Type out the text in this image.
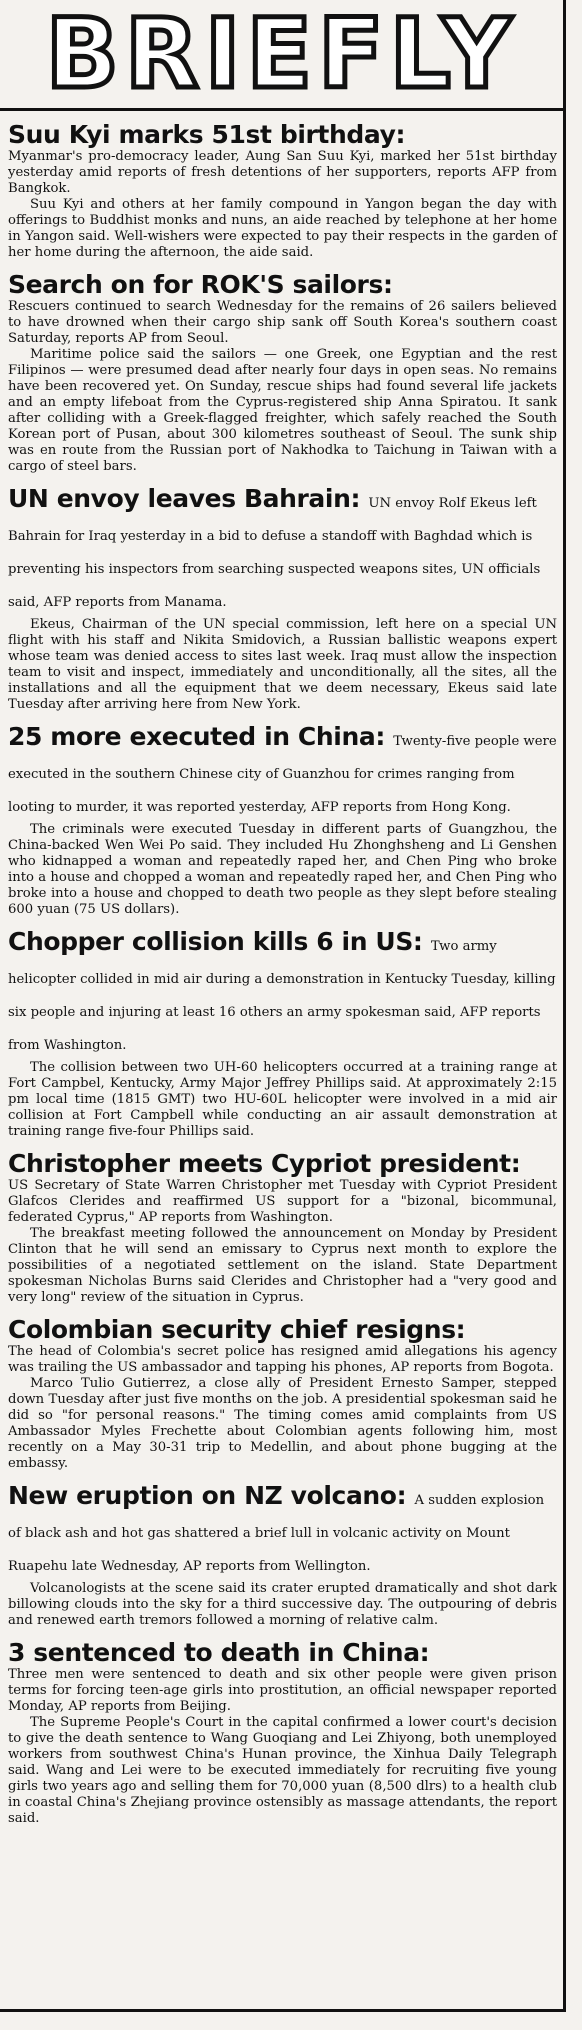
BRIEFLY

Suu Kyi marks 51st birthday:

Myanmar's pro-democracy leader, Aung San Suu Kyi, marked her 51st birthday yesterday amid reports of fresh detentions of her supporters, reports AFP from Bangkok.

Suu Kyi and others at her family compound in Yangon began the day with offerings to Buddhist monks and nuns, an aide reached by telephone at her home in Yangon said. Well-wishers were expected to pay their respects in the garden of her home during the afternoon, the aide said.

Search on for ROK'S sailors:

Rescuers continued to search Wednesday for the remains of 26 sailers believed to have drowned when their cargo ship sank off South Korea's southern coast Saturday, reports AP from Seoul.

Maritime police said the sailors — one Greek, one Egyptian and the rest Filipinos — were presumed dead after nearly four days in open seas. No remains have been recovered yet. On Sunday, rescue ships had found several life jackets and an empty lifeboat from the Cyprus-registered ship Anna Spiratou. It sank after colliding with a Greek-flagged freighter, which safely reached the South Korean port of Pusan, about 300 kilometres southeast of Seoul. The sunk ship was en route from the Russian port of Nakhodka to Taichung in Taiwan with a cargo of steel bars.

UN envoy leaves Bahrain: UN envoy Rolf Ekeus left Bahrain for Iraq yesterday in a bid to defuse a standoff with Baghdad which is preventing his inspectors from searching suspected weapons sites, UN officials said, AFP reports from Manama.

Ekeus, Chairman of the UN special commission, left here on a special UN flight with his staff and Nikita Smidovich, a Russian ballistic weapons expert whose team was denied access to sites last week. Iraq must allow the inspection team to visit and inspect, immediately and unconditionally, all the sites, all the installations and all the equipment that we deem necessary, Ekeus said late Tuesday after arriving here from New York.

25 more executed in China: Twenty-five people were executed in the southern Chinese city of Guanzhou for crimes ranging from looting to murder, it was reported yesterday, AFP reports from Hong Kong.

The criminals were executed Tuesday in different parts of Guangzhou, the China-backed Wen Wei Po said. They included Hu Zhonghsheng and Li Genshen who kidnapped a woman and repeatedly raped her, and Chen Ping who broke into a house and chopped a woman and repeatedly raped her, and Chen Ping who broke into a house and chopped to death two people as they slept before stealing 600 yuan (75 US dollars).

Chopper collision kills 6 in US: Two army helicopter collided in mid air during a demonstration in Kentucky Tuesday, killing six people and injuring at least 16 others an army spokesman said, AFP reports from Washington.

The collision between two UH-60 helicopters occurred at a training range at Fort Campbel, Kentucky, Army Major Jeffrey Phillips said. At approximately 2:15 pm local time (1815 GMT) two HU-60L helicopter were involved in a mid air collision at Fort Campbell while conducting an air assault demonstration at training range five-four Phillips said.

Christopher meets Cypriot president:

US Secretary of State Warren Christopher met Tuesday with Cypriot President Glafcos Clerides and reaffirmed US support for a "bizonal, bicommunal, federated Cyprus," AP reports from Washington.

The breakfast meeting followed the announcement on Monday by President Clinton that he will send an emissary to Cyprus next month to explore the possibilities of a negotiated settlement on the island. State Department spokesman Nicholas Burns said Clerides and Christopher had a "very good and very long" review of the situation in Cyprus.

Colombian security chief resigns:

The head of Colombia's secret police has resigned amid allegations his agency was trailing the US ambassador and tapping his phones, AP reports from Bogota.

Marco Tulio Gutierrez, a close ally of President Ernesto Samper, stepped down Tuesday after just five months on the job. A presidential spokesman said he did so "for personal reasons." The timing comes amid complaints from US Ambassador Myles Frechette about Colombian agents following him, most recently on a May 30-31 trip to Medellin, and about phone bugging at the embassy.

New eruption on NZ volcano: A sudden explosion of black ash and hot gas shattered a brief lull in volcanic activity on Mount Ruapehu late Wednesday, AP reports from Wellington.

Volcanologists at the scene said its crater erupted dramatically and shot dark billowing clouds into the sky for a third successive day. The outpouring of debris and renewed earth tremors followed a morning of relative calm.

3 sentenced to death in China:

Three men were sentenced to death and six other people were given prison terms for forcing teen-age girls into prostitution, an official newspaper reported Monday, AP reports from Beijing.

The Supreme People's Court in the capital confirmed a lower court's decision to give the death sentence to Wang Guoqiang and Lei Zhiyong, both unemployed workers from southwest China's Hunan province, the Xinhua Daily Telegraph said. Wang and Lei were to be executed immediately for recruiting five young girls two years ago and selling them for 70,000 yuan (8,500 dlrs) to a health club in coastal China's Zhejiang province ostensibly as massage attendants, the report said.
